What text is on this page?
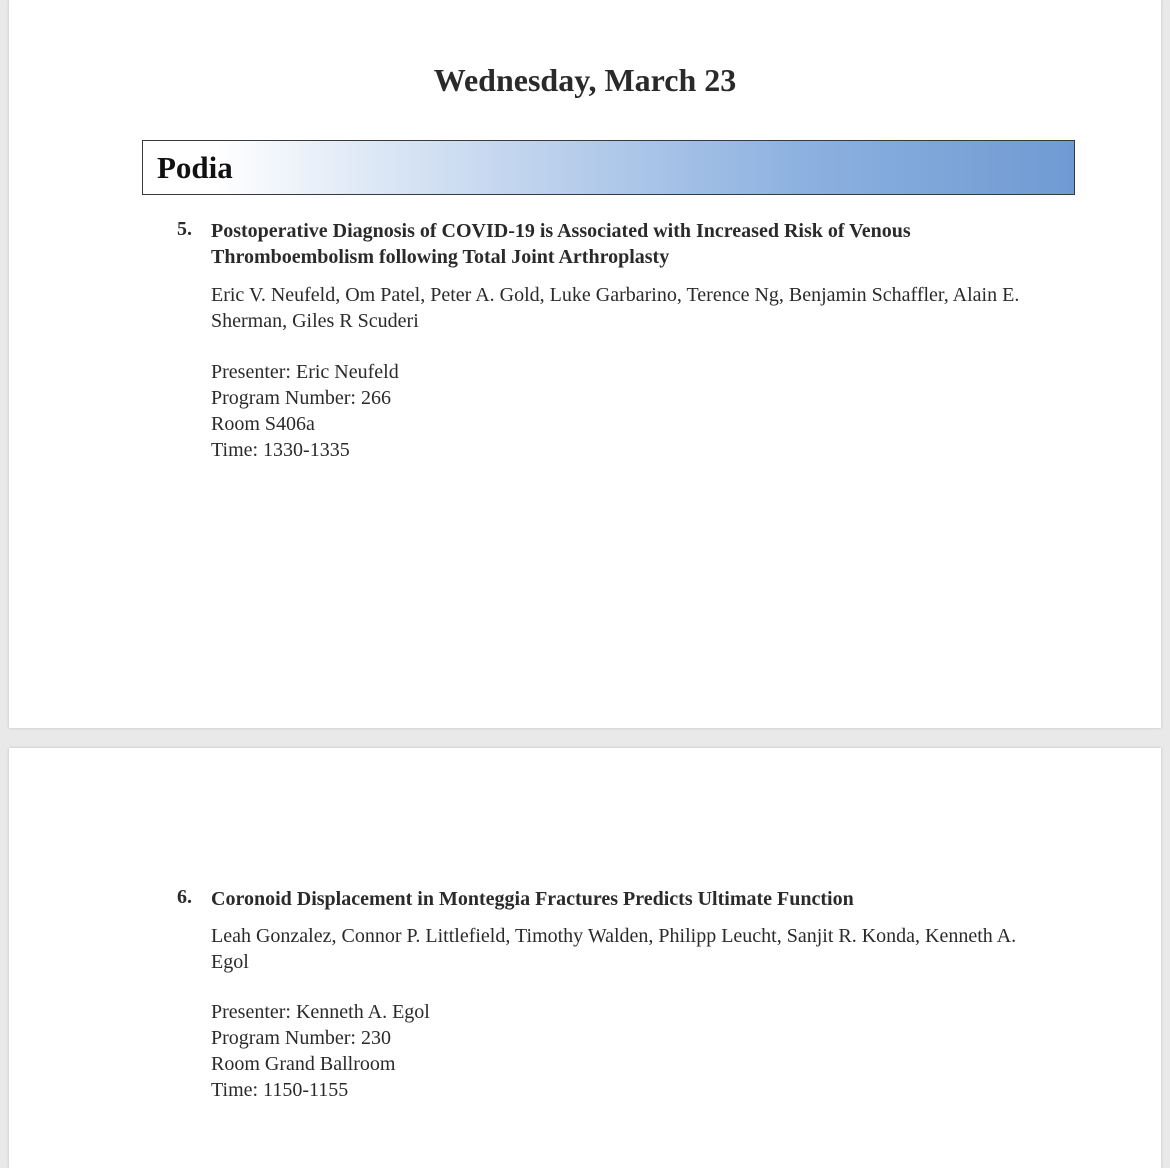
Wednesday, March 23
Podia
5. Postoperative Diagnosis of COVID-19 is Associated with Increased Risk of Venous Thromboembolism following Total Joint Arthroplasty
Eric V. Neufeld, Om Patel, Peter A. Gold, Luke Garbarino, Terence Ng, Benjamin Schaffler, Alain E. Sherman, Giles R Scuderi
Presenter: Eric Neufeld
Program Number: 266
Room S406a
Time: 1330-1335
6. Coronoid Displacement in Monteggia Fractures Predicts Ultimate Function
Leah Gonzalez, Connor P. Littlefield, Timothy Walden, Philipp Leucht, Sanjit R. Konda, Kenneth A. Egol
Presenter: Kenneth A. Egol
Program Number: 230
Room Grand Ballroom
Time: 1150-1155
